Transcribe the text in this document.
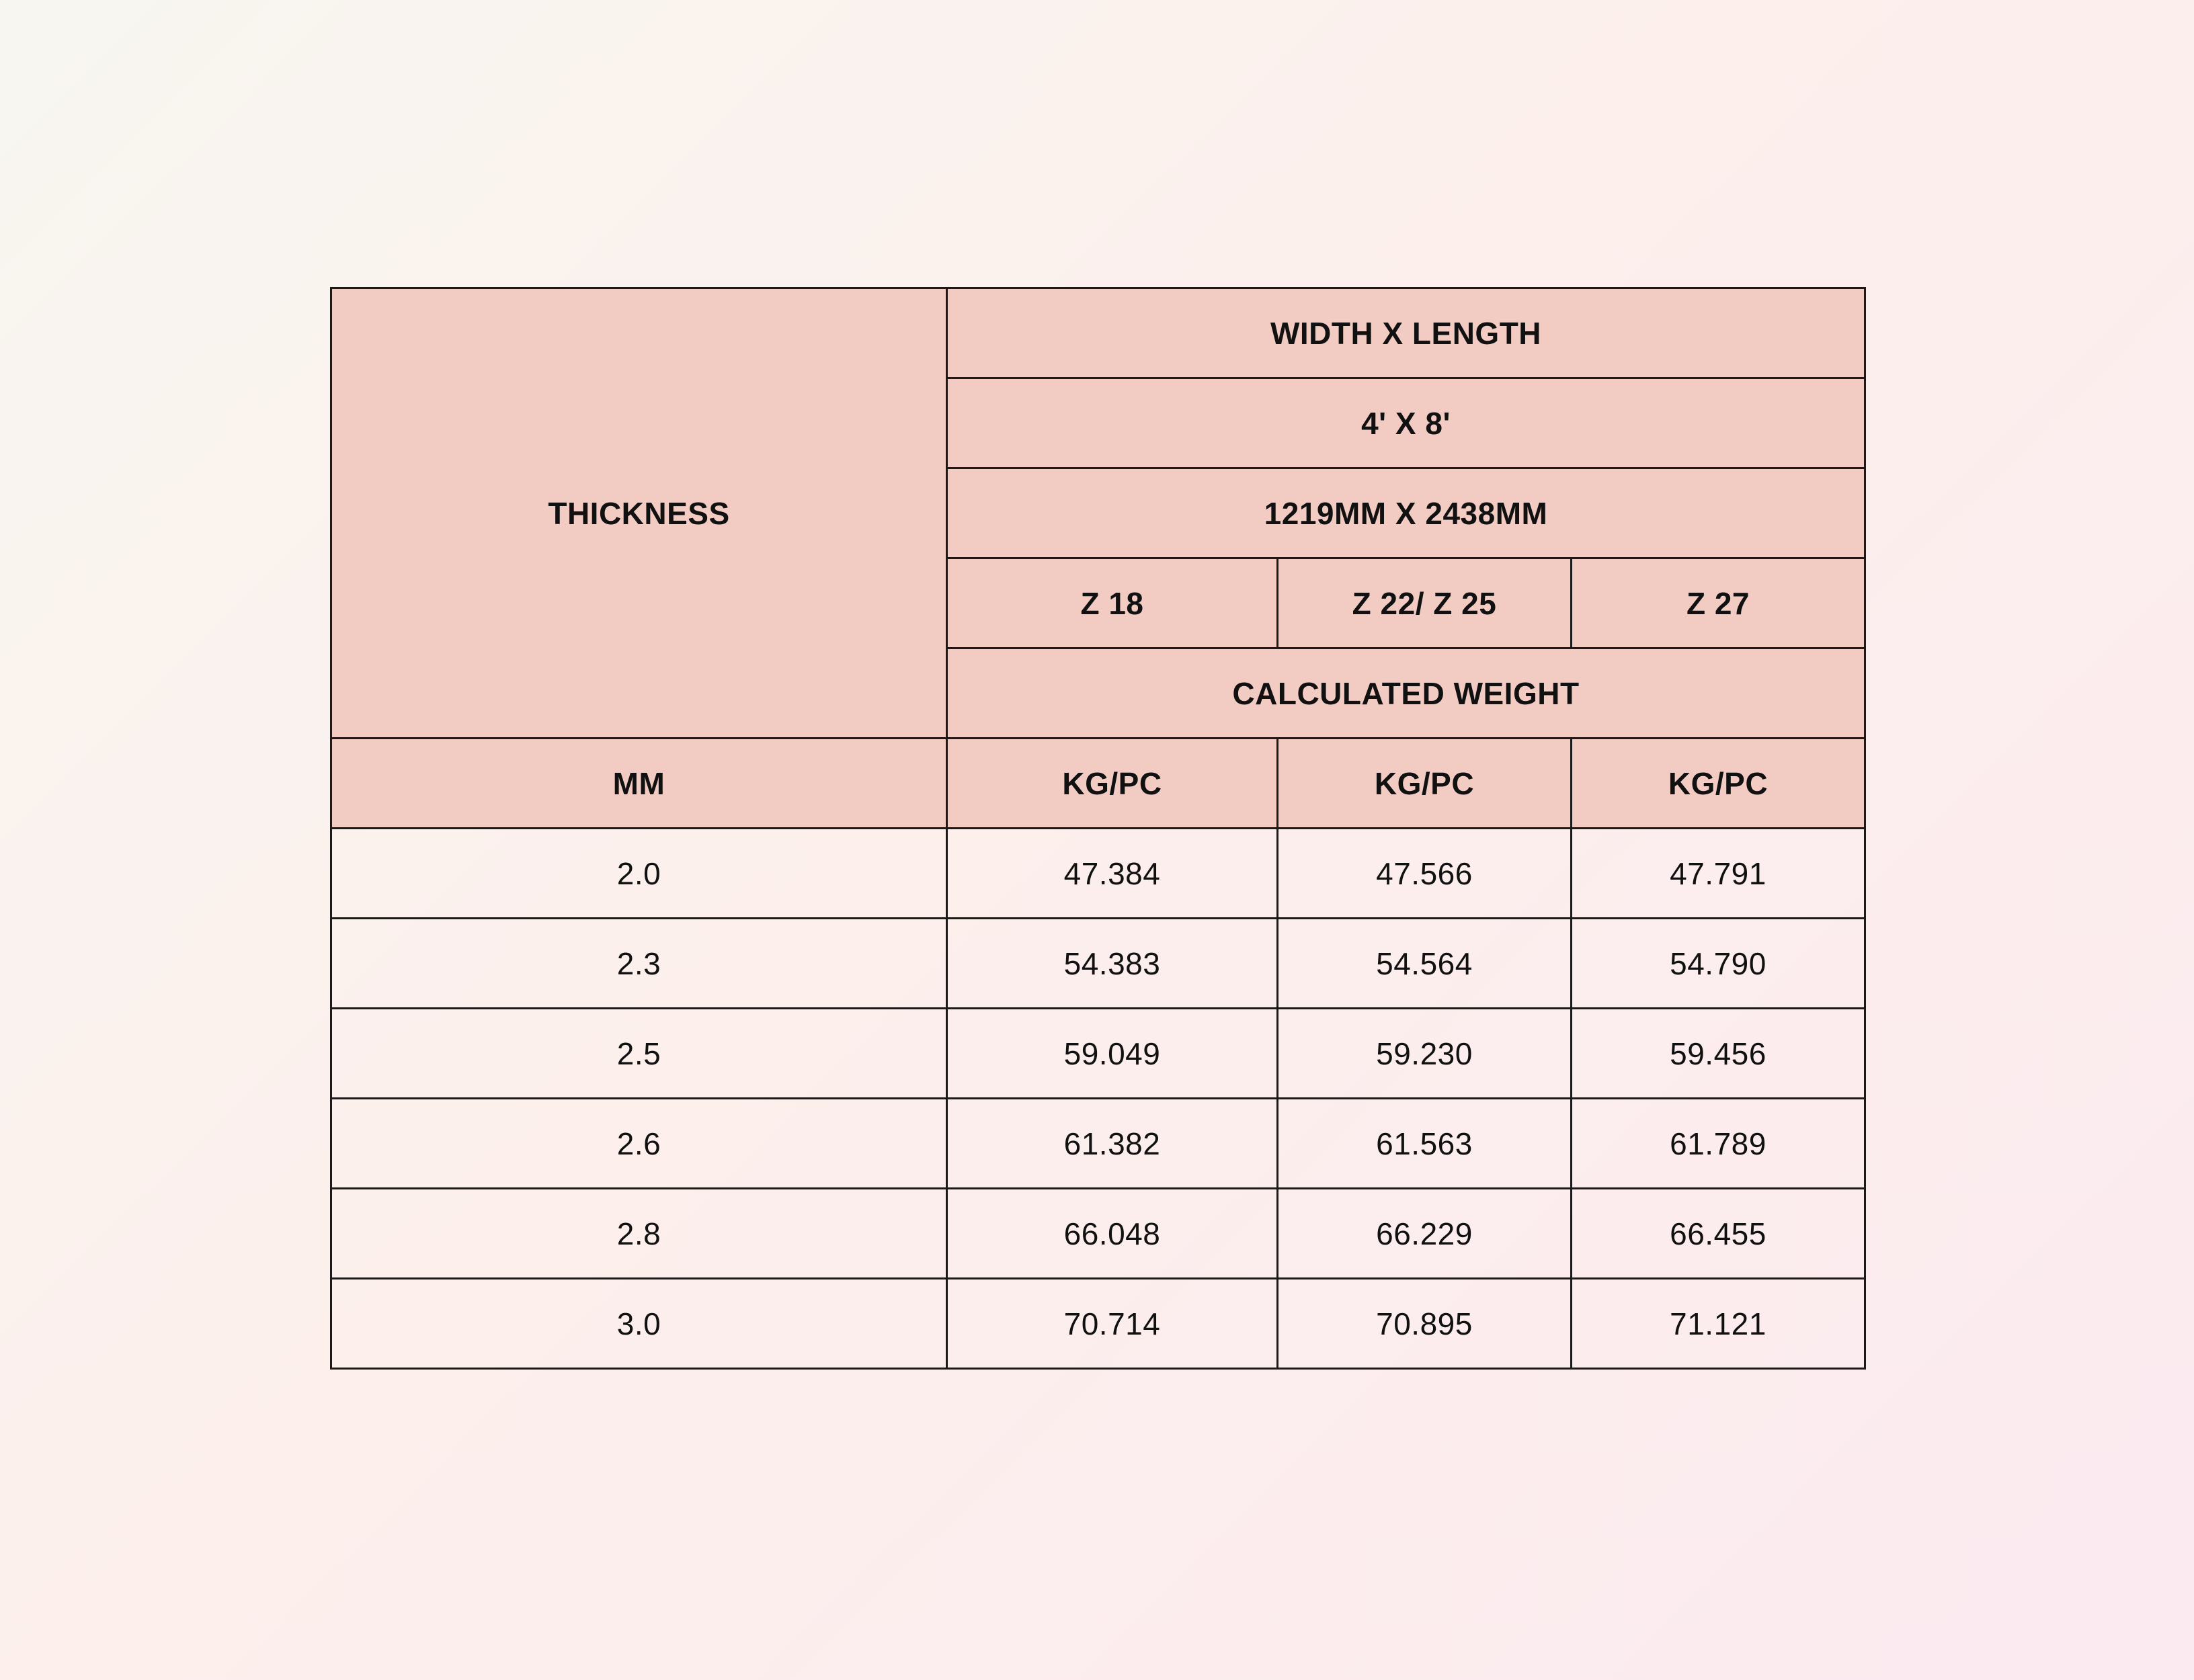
THICKNESS	WIDTH X LENGTH		
	4' X 8'		
	1219MM X 2438MM		
	Z 18	Z 22/ Z 25	Z 27
	CALCULATED WEIGHT		
MM	KG/PC	KG/PC	KG/PC
2.0	47.384	47.566	47.791
2.3	54.383	54.564	54.790
2.5	59.049	59.230	59.456
2.6	61.382	61.563	61.789
2.8	66.048	66.229	66.455
3.0	70.714	70.895	71.121
